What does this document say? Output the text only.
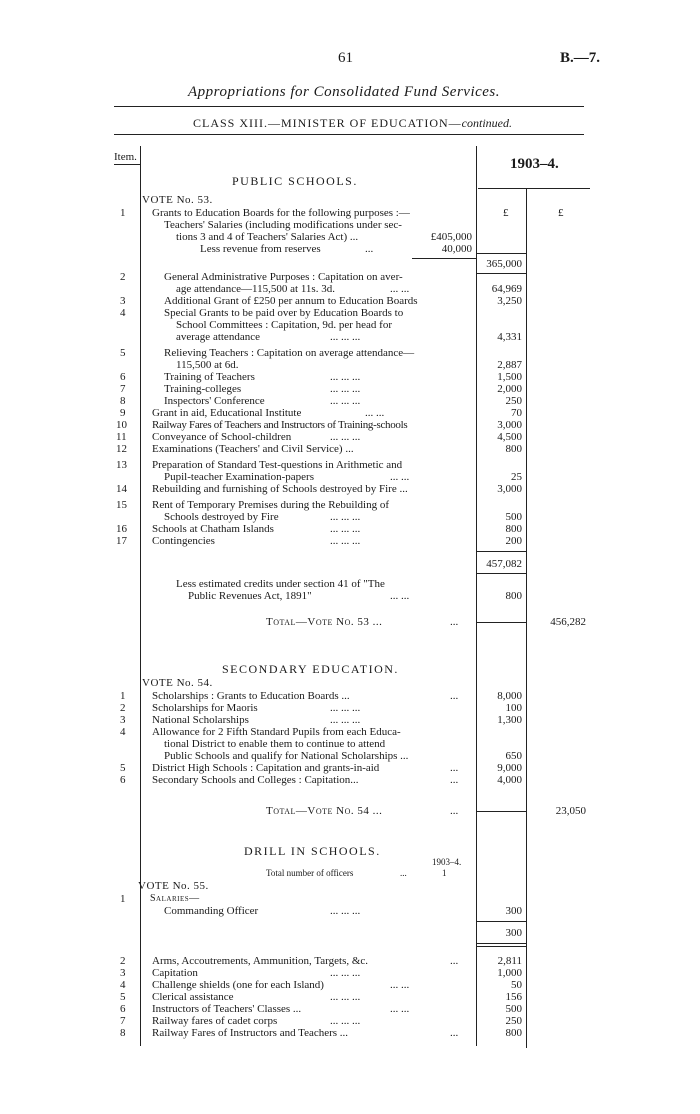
61	B.—7.
Appropriations for Consolidated Fund Services.
CLASS XIII.—MINISTER OF EDUCATION—continued.
Item.	1903–4.
£	£
PUBLIC SCHOOLS.
VOTE No. 53.
1 Grants to Education Boards for the following purposes :—
Teachers' Salaries (including modifications under sec-
tions 3 and 4 of Teachers' Salaries Act) ...	£405,000
Less revenue from reserves	...	40,000
365,000
2	General Administrative Purposes : Capitation on aver-
age attendance—115,500 at 11s. 3d.	... ...	64,969
3	Additional Grant of £250 per annum to Education Boards	3,250
4	Special Grants to be paid over by Education Boards to
School Committees : Capitation, 9d. per head for
average attendance	... ... ...	4,331
5	Relieving Teachers : Capitation on average attendance—
115,500 at 6d.	2,887
6	Training of Teachers	... ... ...	1,500
7	Training-colleges	... ... ...	2,000
8	Inspectors' Conference	... ... ...	250
9 Grant in aid, Educational Institute	... ...	70
10 Railway Fares of Teachers and Instructors of Training-schools	3,000
11 Conveyance of School-children	... ... ...	4,500
12 Examinations (Teachers' and Civil Service) ...	800
13 Preparation of Standard Test-questions in Arithmetic and
Pupil-teacher Examination-papers	... ...	25
14 Rebuilding and furnishing of Schools destroyed by Fire ...	3,000
15 Rent of Temporary Premises during the Rebuilding of
Schools destroyed by Fire	... ... ...	500
16 Schools at Chatham Islands	... ... ...	800
17 Contingencies	... ... ...	200
457,082
Less estimated credits under section 41 of "The
Public Revenues Act, 1891"	... ...	800
Total—Vote No. 53 ...	...	456,282
SECONDARY EDUCATION.
VOTE No. 54.
1 Scholarships : Grants to Education Boards ...	...	8,000
2 Scholarships for Maoris	... ... ...	100
3 National Scholarships	... ... ...	1,300
4 Allowance for 2 Fifth Standard Pupils from each Educa-
tional District to enable them to continue to attend
Public Schools and qualify for National Scholarships ...	650
5 District High Schools : Capitation and grants-in-aid	...	9,000
6 Secondary Schools and Colleges : Capitation...	...	4,000
Total—Vote No. 54 ...	...	23,050
DRILL IN SCHOOLS.
1903–4.
Total number of officers	...	1
VOTE No. 55.
1 Salaries—
Commanding Officer	... ... ...	300
300
2 Arms, Accoutrements, Ammunition, Targets, &c.	...	2,811
3 Capitation	... ... ...	1,000
4 Challenge shields (one for each Island)	... ...	50
5 Clerical assistance	... ... ...	156
6 Instructors of Teachers' Classes ...	... ...	500
7 Railway fares of cadet corps	... ... ...	250
8 Railway Fares of Instructors and Teachers ...	...	800
